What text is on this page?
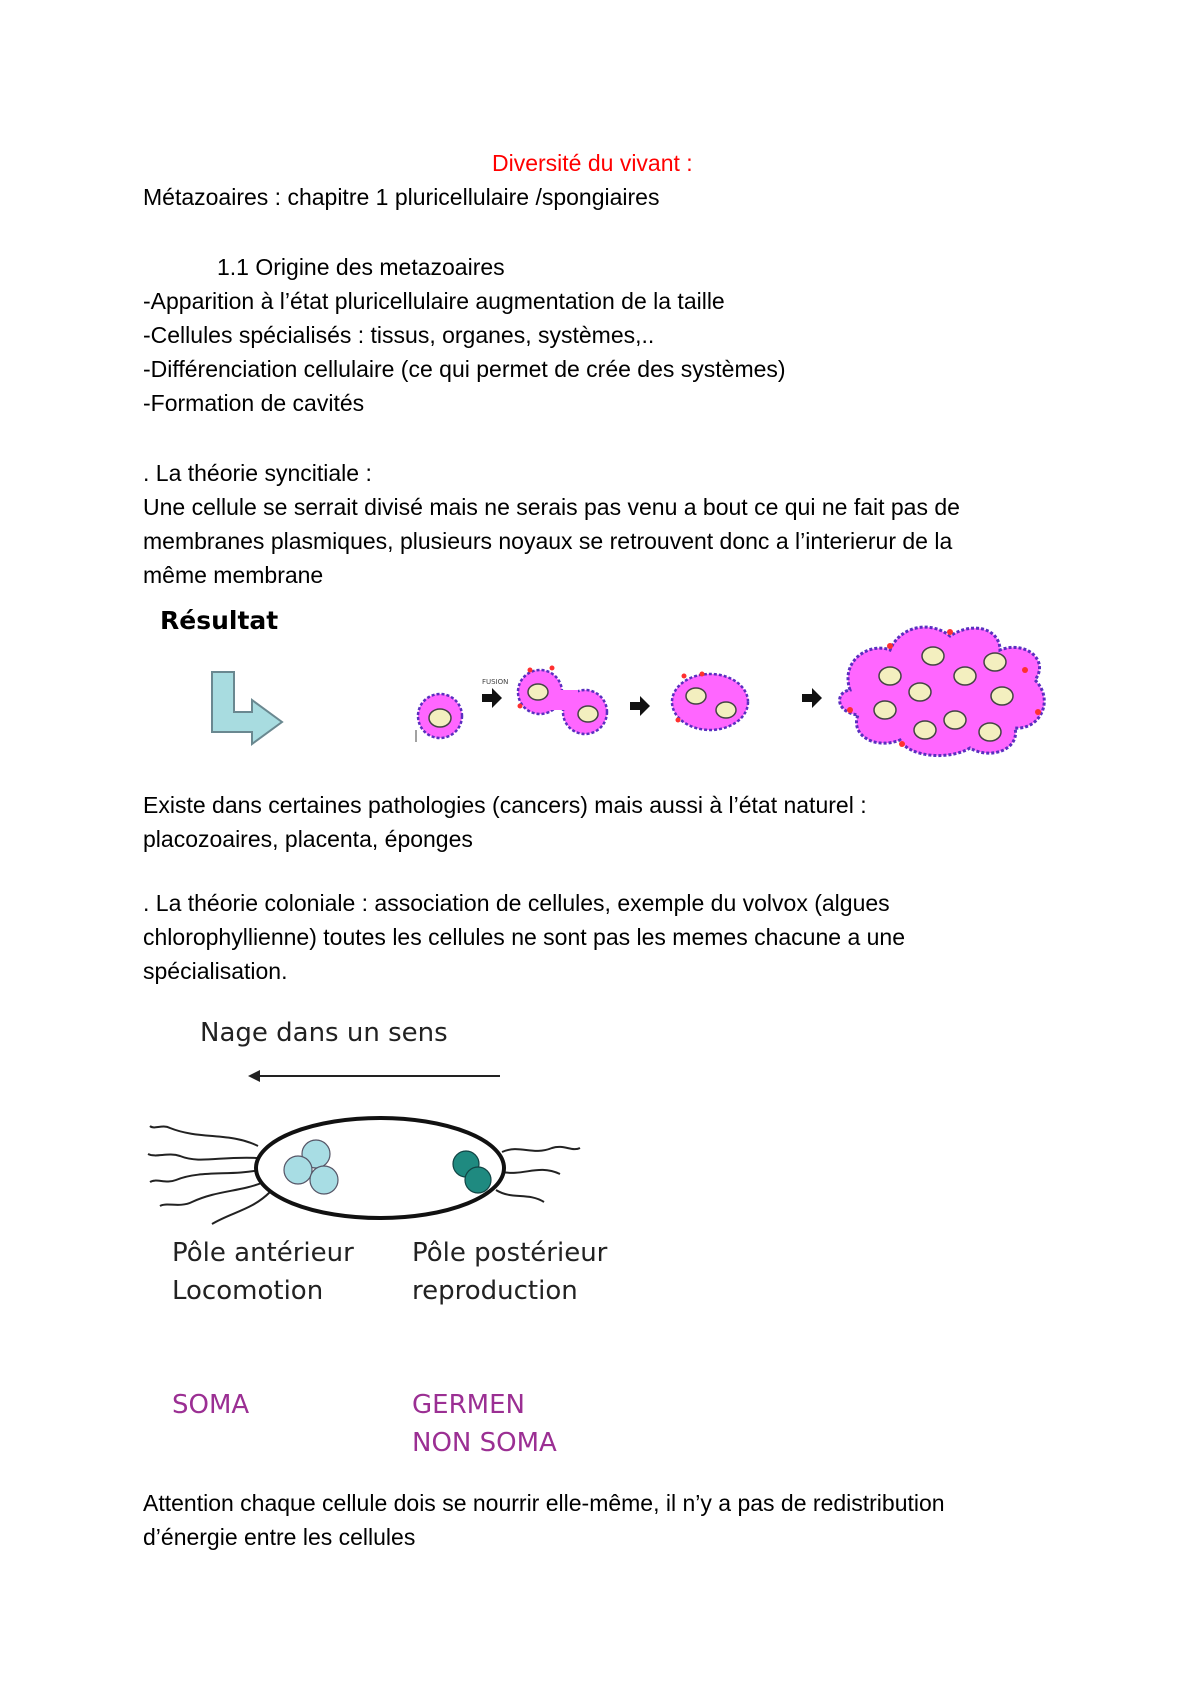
Diversité du vivant :
Métazoaires : chapitre 1 pluricellulaire /spongiaires
1.1 Origine des metazoaires
-Apparition à l’état pluricellulaire augmentation de la taille
-Cellules spécialisés : tissus, organes, systèmes,..
-Différenciation cellulaire (ce qui permet de crée des systèmes)
-Formation de cavités
. La théorie syncitiale :
Une cellule se serrait divisé mais ne serais pas venu a bout ce qui ne fait pas de
membranes plasmiques, plusieurs noyaux se retrouvent donc a l’interierur de la
même membrane
Résultat
FUSION
Existe dans certaines pathologies (cancers) mais aussi à l’état naturel :
placozoaires, placenta, éponges
. La théorie coloniale : association de cellules, exemple du volvox (algues
chlorophyllienne) toutes les cellules ne sont pas les memes chacune a une
spécialisation.
Nage dans un sens
Pôle antérieur
Locomotion
Pôle postérieur
reproduction
SOMA	GERMEN
NON SOMA
Attention chaque cellule dois se nourrir elle-même, il n’y a pas de redistribution
d’énergie entre les cellules
